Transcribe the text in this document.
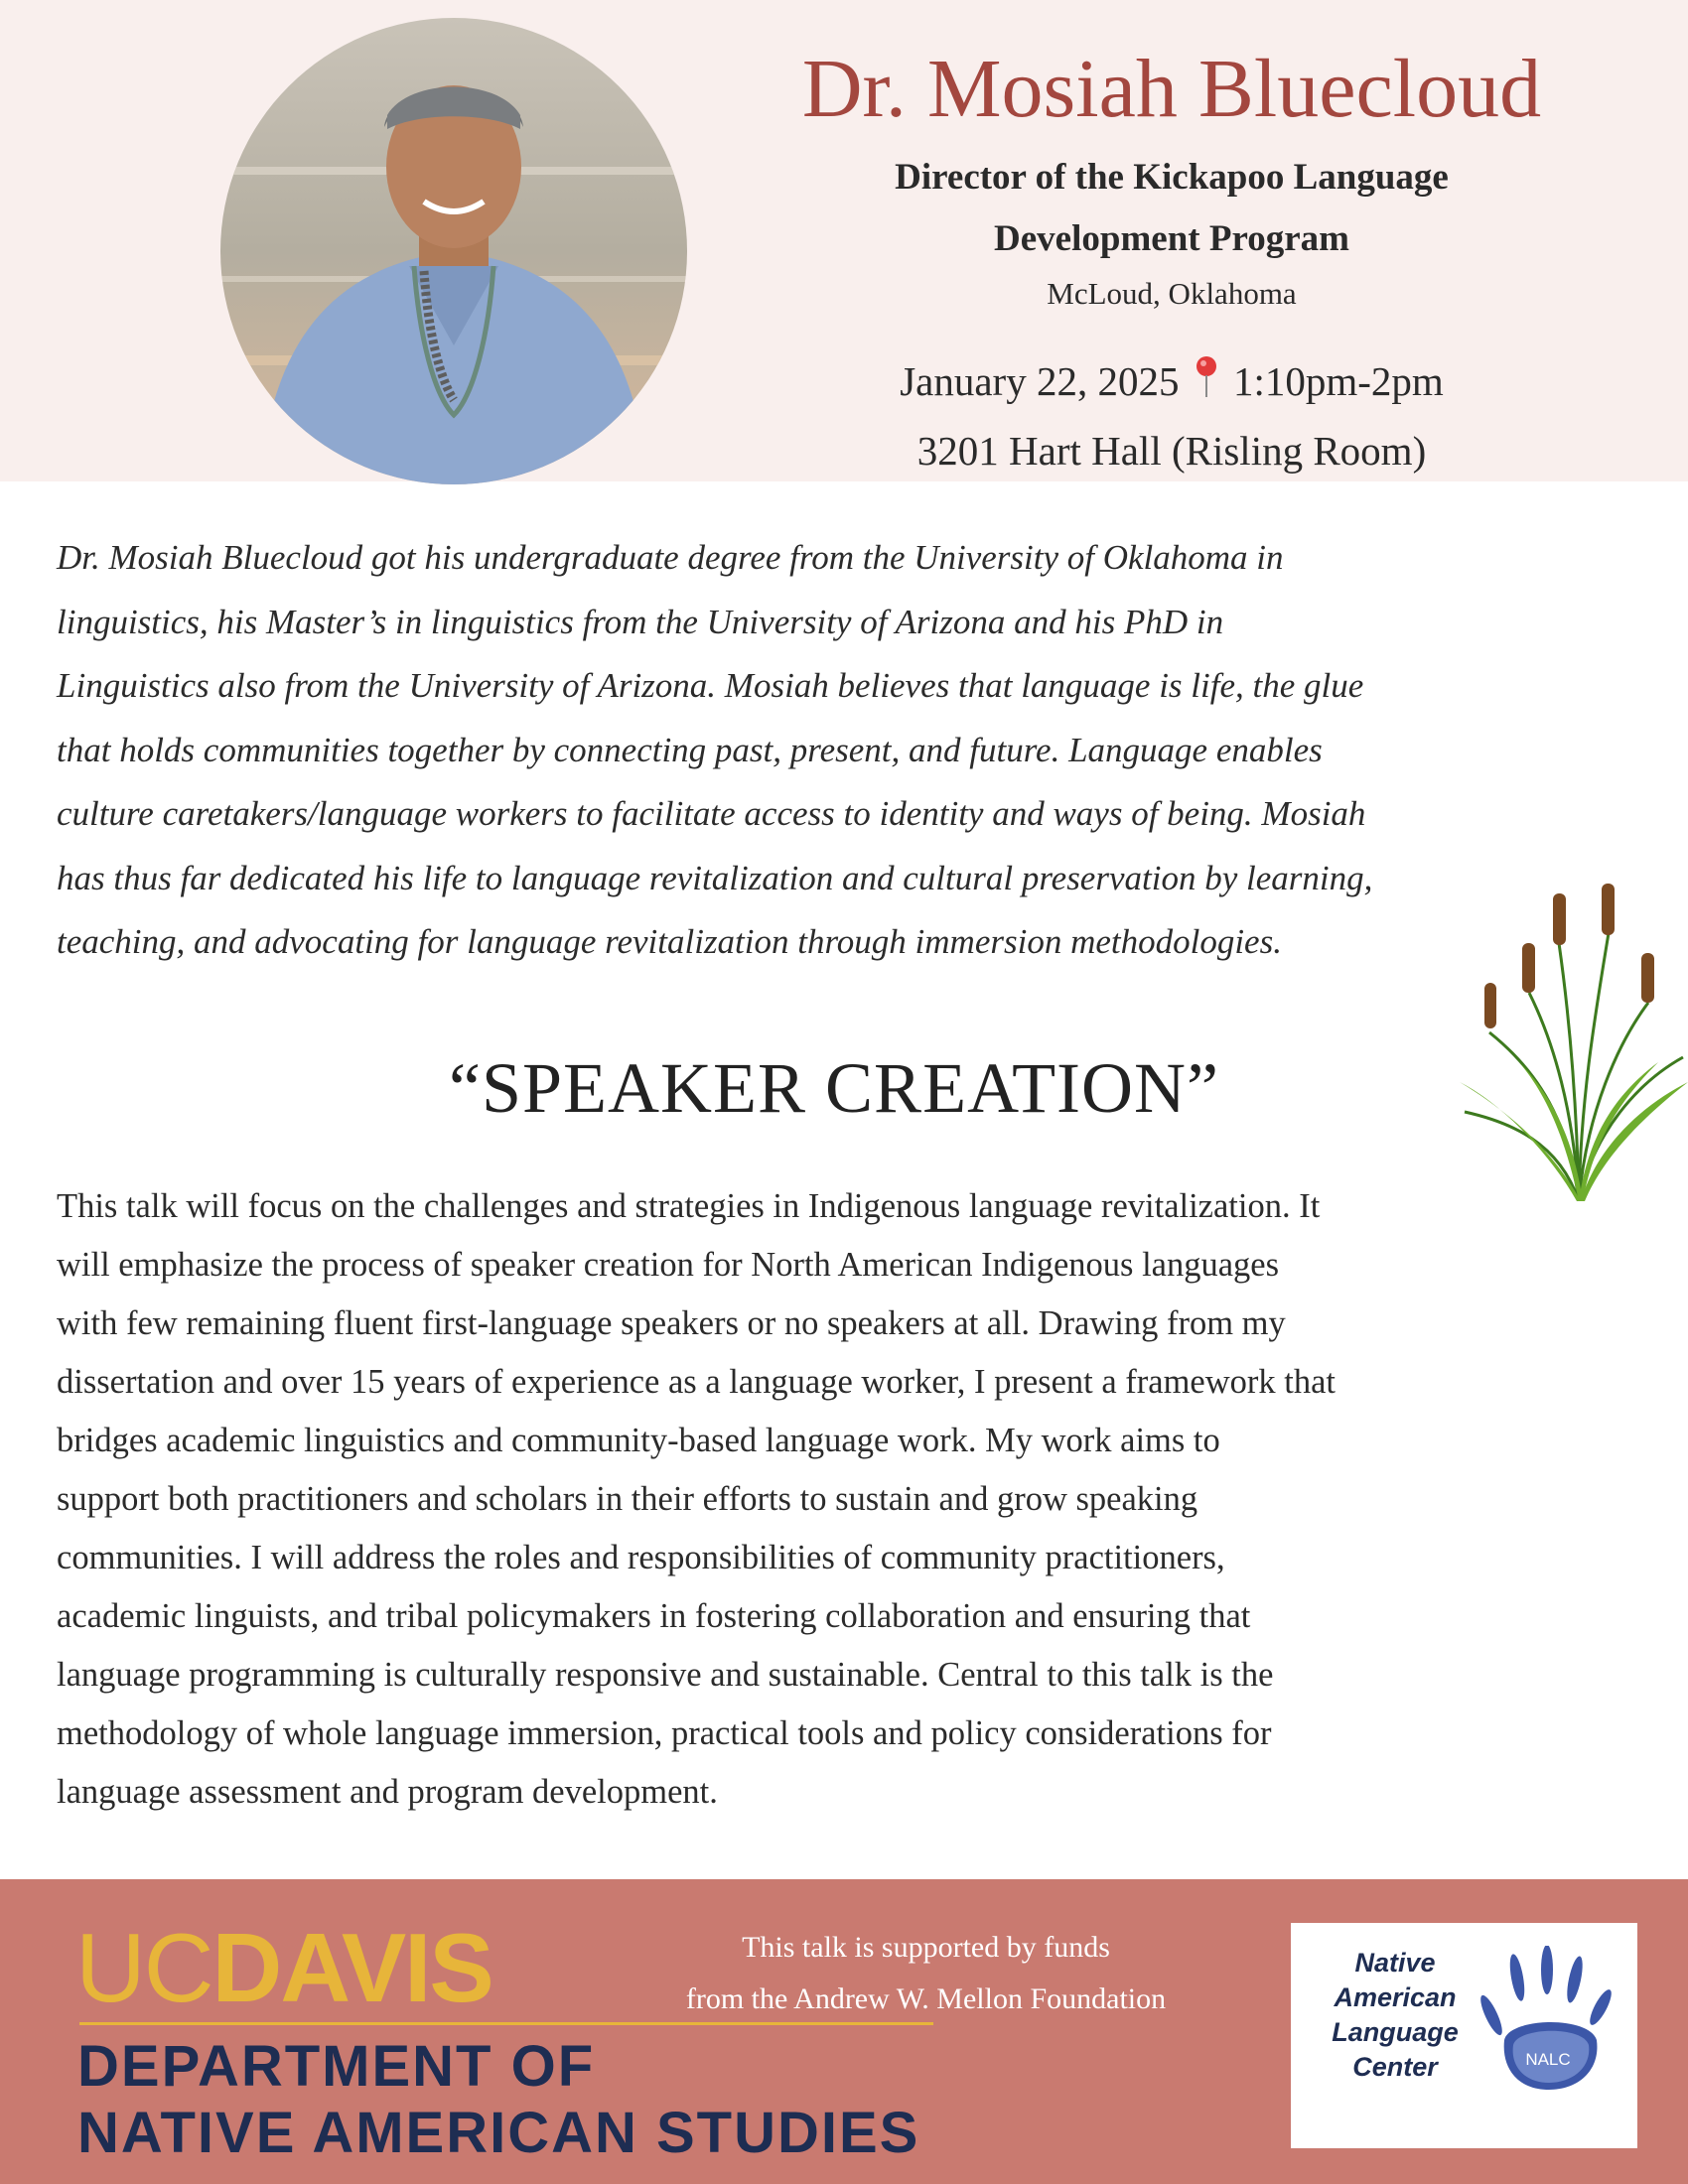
Dr. Mosiah Bluecloud
Director of the Kickapoo Language
Development Program
McLoud, Oklahoma
January 22, 2025 1:10pm-2pm
3201 Hart Hall (Risling Room)
Dr. Mosiah Bluecloud got his undergraduate degree from the University of Oklahoma in
linguistics, his Master’s in linguistics from the University of Arizona and his PhD in
Linguistics also from the University of Arizona. Mosiah believes that language is life, the glue
that holds communities together by connecting past, present, and future. Language enables
culture caretakers/language workers to facilitate access to identity and ways of being. Mosiah
has thus far dedicated his life to language revitalization and cultural preservation by learning,
teaching, and advocating for language revitalization through immersion methodologies.
“SPEAKER CREATION”
This talk will focus on the challenges and strategies in Indigenous language revitalization. It
will emphasize the process of speaker creation for North American Indigenous languages
with few remaining fluent first-language speakers or no speakers at all. Drawing from my
dissertation and over 15 years of experience as a language worker, I present a framework that
bridges academic linguistics and community-based language work. My work aims to
support both practitioners and scholars in their efforts to sustain and grow speaking
communities. I will address the roles and responsibilities of community practitioners,
academic linguists, and tribal policymakers in fostering collaboration and ensuring that
language programming is culturally responsive and sustainable. Central to this talk is the
methodology of whole language immersion, practical tools and policy considerations for
language assessment and program development.
UCDAVIS
DEPARTMENT OF
NATIVE AMERICAN STUDIES
This talk is supported by funds
from the Andrew W. Mellon Foundation
Native
American
Language
Center	NALC
